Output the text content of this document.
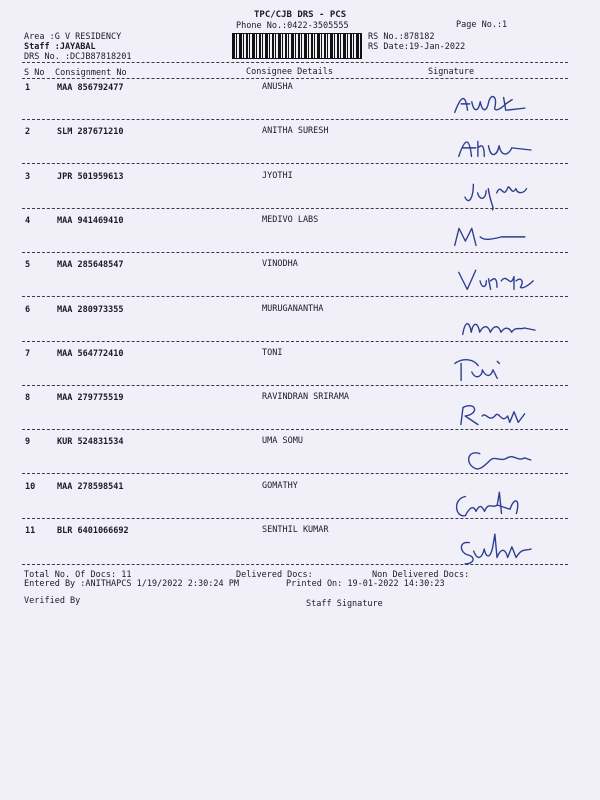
TPC/CJB DRS - PCS
Phone No.:0422-3505555	Page No.:1
RS No.:878182
RS Date:19-Jan-2022
Area :G V RESIDENCY
Staff :JAYABAL
DRS No. :DCJB87818201
S No Consignment No	Consignee Details	Signature
1	MAA 856792477	ANUSHA
2	SLM 287671210	ANITHA SURESH
3	JPR 501959613	JYOTHI
4	MAA 941469410	MEDIVO LABS
5	MAA 285648547	VINODHA
6	MAA 280973355	MURUGANANTHA
7	MAA 564772410	TONI
8	MAA 279775519	RAVINDRAN SRIRAMA
9	KUR 524831534	UMA SOMU
10	MAA 278598541	GOMATHY
11	BLR 6401066692	SENTHIL KUMAR
Total No. Of Docs: 11	Delivered Docs:	Non Delivered Docs:
Entered By :ANITHAPCS 1/19/2022 2:30:24 PM	Printed On: 19-01-2022 14:30:23
Verified By	Staff Signature
